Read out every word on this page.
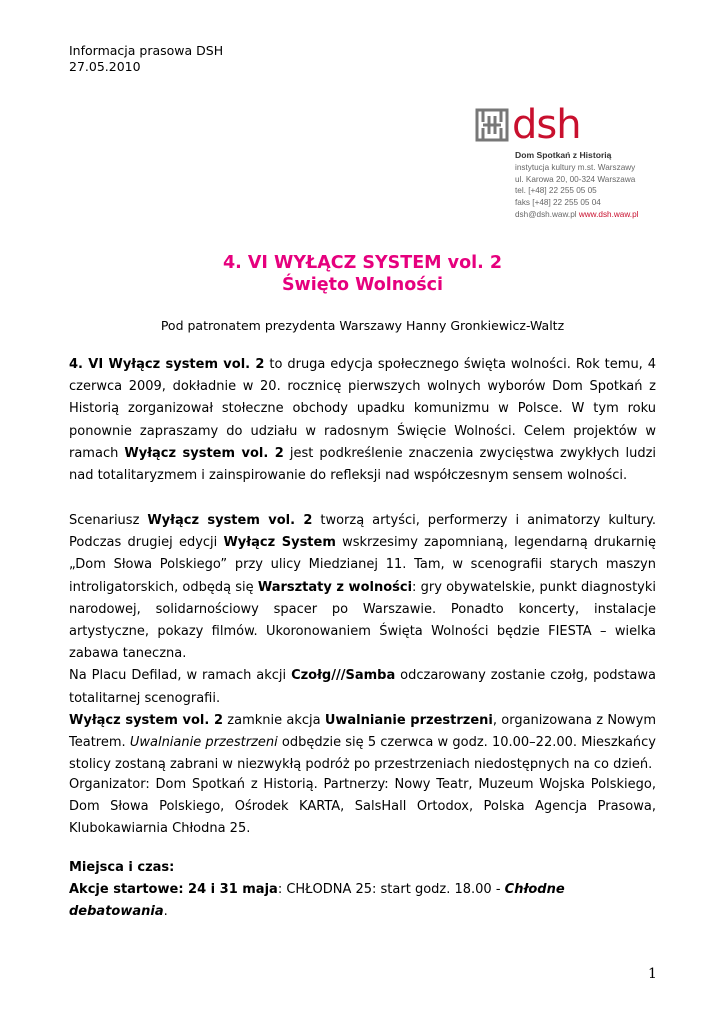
Informacja prasowa DSH
27.05.2010
dsh
Dom Spotkań z Historią
instytucja kultury m.st. Warszawy
ul. Karowa 20, 00-324 Warszawa
tel. [+48] 22 255 05 05
faks [+48] 22 255 05 04
dsh@dsh.waw.pl www.dsh.waw.pl
4. VI WYŁĄCZ SYSTEM vol. 2
Święto Wolności
Pod patronatem prezydenta Warszawy Hanny Gronkiewicz-Waltz
4. VI Wyłącz system vol. 2 to druga edycja społecznego święta wolności. Rok temu, 4 czerwca 2009, dokładnie w 20. rocznicę pierwszych wolnych wyborów Dom Spotkań z Historią zorganizował stołeczne obchody upadku komunizmu w Polsce. W tym roku ponownie zapraszamy do udziału w radosnym Święcie Wolności. Celem projektów w ramach Wyłącz system vol. 2 jest podkreślenie znaczenia zwycięstwa zwykłych ludzi nad totalitaryzmem i zainspirowanie do refleksji nad współczesnym sensem wolności.
Scenariusz Wyłącz system vol. 2 tworzą artyści, performerzy i animatorzy kultury. Podczas drugiej edycji Wyłącz System wskrzesimy zapomnianą, legendarną drukarnię „Dom Słowa Polskiego” przy ulicy Miedzianej 11. Tam, w scenografii starych maszyn introligatorskich, odbędą się Warsztaty z wolności: gry obywatelskie, punkt diagnostyki narodowej, solidarnościowy spacer po Warszawie. Ponadto koncerty, instalacje artystyczne, pokazy filmów. Ukoronowaniem Święta Wolności będzie FIESTA – wielka zabawa taneczna.
Na Placu Defilad, w ramach akcji Czołg///Samba odczarowany zostanie czołg, podstawa totalitarnej scenografii.
Wyłącz system vol. 2 zamknie akcja Uwalnianie przestrzeni, organizowana z Nowym Teatrem. Uwalnianie przestrzeni odbędzie się 5 czerwca w godz. 10.00–22.00. Mieszkańcy stolicy zostaną zabrani w niezwykłą podróż po przestrzeniach niedostępnych na co dzień.
Organizator: Dom Spotkań z Historią. Partnerzy: Nowy Teatr, Muzeum Wojska Polskiego, Dom Słowa Polskiego, Ośrodek KARTA, SalsHall Ortodox, Polska Agencja Prasowa, Klubokawiarnia Chłodna 25.
Miejsca i czas:
Akcje startowe: 24 i 31 maja: CHŁODNA 25: start godz. 18.00 - Chłodne debatowania.
1
